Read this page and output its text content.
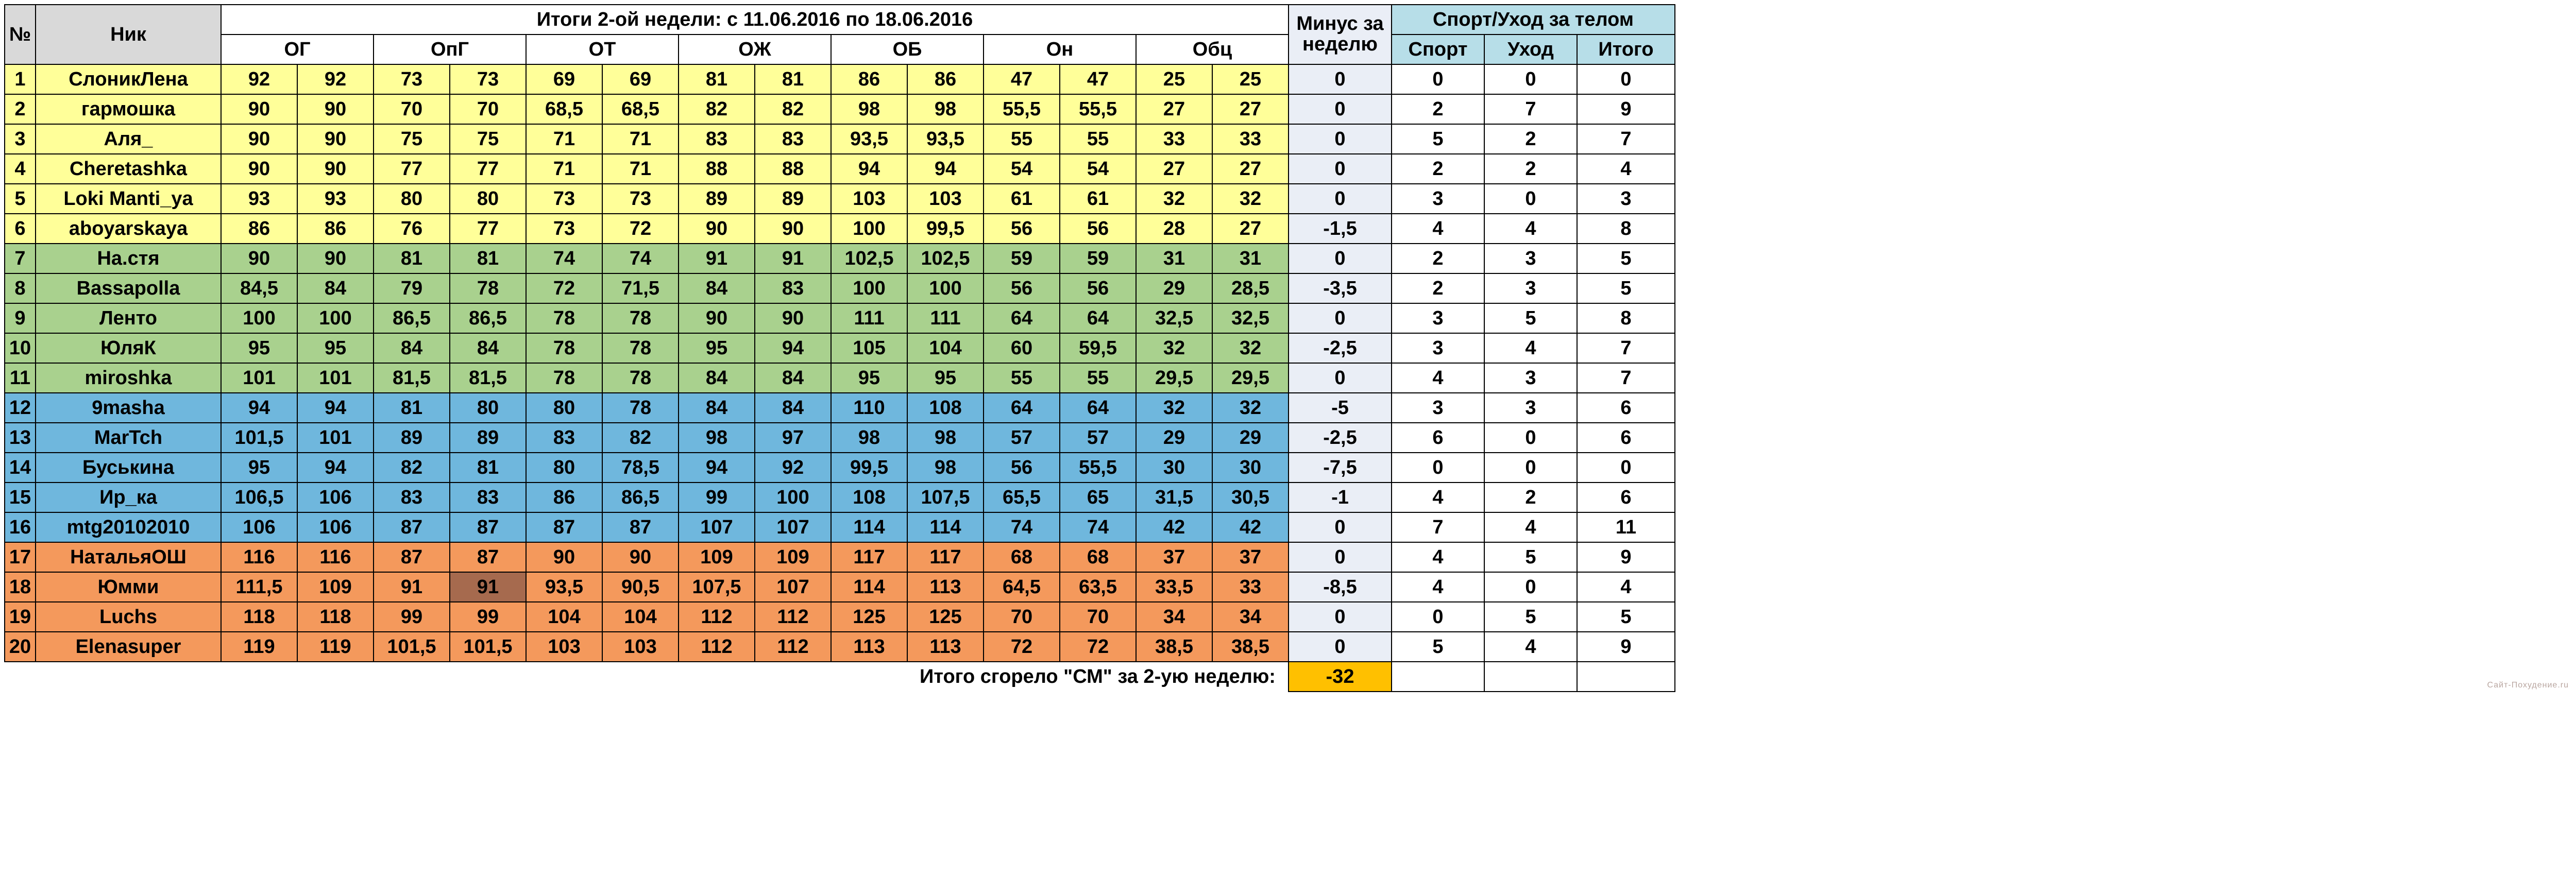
№	Ник	Итоги 2-ой недели: с 11.06.2016 по 18.06.2016														Минус за
неделю	Спорт/Уход за телом		
		ОГ		ОпГ		ОТ		ОЖ		ОБ		Он		Обц			Спорт	Уход	Итого
1	СлоникЛена	92	92	73	73	69	69	81	81	86	86	47	47	25	25	0	0	0	0
2	гармошка	90	90	70	70	68,5	68,5	82	82	98	98	55,5	55,5	27	27	0	2	7	9
3	Аля_	90	90	75	75	71	71	83	83	93,5	93,5	55	55	33	33	0	5	2	7
4	Cheretashka	90	90	77	77	71	71	88	88	94	94	54	54	27	27	0	2	2	4
5	Loki Manti_ya	93	93	80	80	73	73	89	89	103	103	61	61	32	32	0	3	0	3
6	aboyarskaya	86	86	76	77	73	72	90	90	100	99,5	56	56	28	27	-1,5	4	4	8
7	На.стя	90	90	81	81	74	74	91	91	102,5	102,5	59	59	31	31	0	2	3	5
8	Bassapolla	84,5	84	79	78	72	71,5	84	83	100	100	56	56	29	28,5	-3,5	2	3	5
9	Ленто	100	100	86,5	86,5	78	78	90	90	111	111	64	64	32,5	32,5	0	3	5	8
10	ЮляК	95	95	84	84	78	78	95	94	105	104	60	59,5	32	32	-2,5	3	4	7
11	miroshka	101	101	81,5	81,5	78	78	84	84	95	95	55	55	29,5	29,5	0	4	3	7
12	9masha	94	94	81	80	80	78	84	84	110	108	64	64	32	32	-5	3	3	6
13	MarTch	101,5	101	89	89	83	82	98	97	98	98	57	57	29	29	-2,5	6	0	6
14	Буськина	95	94	82	81	80	78,5	94	92	99,5	98	56	55,5	30	30	-7,5	0	0	0
15	Ир_ка	106,5	106	83	83	86	86,5	99	100	108	107,5	65,5	65	31,5	30,5	-1	4	2	6
16	mtg20102010	106	106	87	87	87	87	107	107	114	114	74	74	42	42	0	7	4	11
17	НатальяОШ	116	116	87	87	90	90	109	109	117	117	68	68	37	37	0	4	5	9
18	Юмми	111,5	109	91	91	93,5	90,5	107,5	107	114	113	64,5	63,5	33,5	33	-8,5	4	0	4
19	Luchs	118	118	99	99	104	104	112	112	125	125	70	70	34	34	0	0	5	5
20	Elenasuper	119	119	101,5	101,5	103	103	112	112	113	113	72	72	38,5	38,5	0	5	4	9
											Итого сгорело "СМ" за 2-ую неделю:					-32				Сайт-Похудение.ru
